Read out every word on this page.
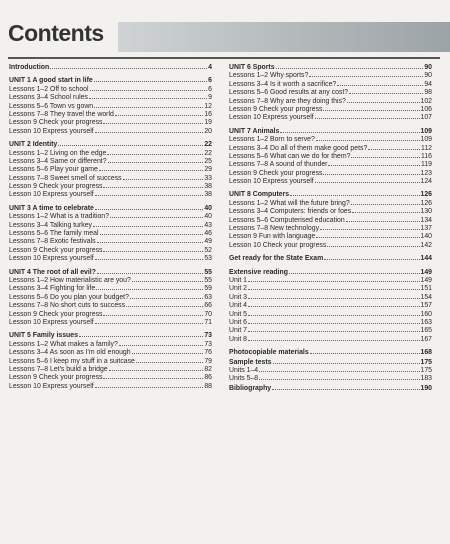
Contents
Introduction	4
UNIT 1 A good start in life	6
Lessons 1–2 Off to school	6
Lessons 3–4 School rules	9
Lessons 5–6 Town vs gown	12
Lessons 7–8 They travel the world	16
Lesson 9 Check your progress	19
Lesson 10 Express yourself	20
UNIT 2 Identity	22
Lessons 1–2 Living on the edge	22
Lessons 3–4 Same or different?	25
Lessons 5–6 Play your game	29
Lessons 7–8 Sweet smell of success	33
Lesson 9 Check your progress	38
Lesson 10 Express yourself	38
UNIT 3 A time to celebrate	40
Lessons 1–2 What is a tradition?	40
Lessons 3–4 Talking turkey	43
Lessons 5–6 The family meal	46
Lessons 7–8 Exotic festivals	49
Lesson 9 Check your progress	52
Lesson 10 Express yourself	53
UNIT 4 The root of all evil?	55
Lessons 1–2 How materialistic are you?	55
Lessons 3–4 Fighting for life	59
Lessons 5–6 Do you plan your budget?	63
Lessons 7–8 No short cuts to success	66
Lesson 9 Check your progress	70
Lesson 10 Express yourself	71
UNIT 5 Family issues	73
Lessons 1–2 What makes a family?	73
Lessons 3–4 As soon as I'm old enough	76
Lessons 5–6 I keep my stuff in a suitcase	79
Lessons 7–8 Let's build a bridge	82
Lesson 9 Check your progress	86
Lesson 10 Express yourself	88
UNIT 6 Sports	90
Lessons 1–2 Why sports?	90
Lessons 3–4 Is it worth a sacrifice?	94
Lessons 5–6 Good results at any cost?	98
Lessons 7–8 Why are they doing this?	102
Lesson 9 Check your progress	106
Lesson 10 Express yourself	107
UNIT 7 Animals	109
Lessons 1–2 Born to serve?	109
Lessons 3–4 Do all of them make good pets?	112
Lessons 5–6 What can we do for them?	116
Lessons 7–8 A sound of thunder	119
Lesson 9 Check your progress	123
Lesson 10 Express yourself	124
UNIT 8 Computers	126
Lessons 1–2 What will the future bring?	126
Lessons 3–4 Computers: friends or foes	130
Lessons 5–6 Computerised education	134
Lessons 7–8 New technology	137
Lesson 9 Fun with language	140
Lesson 10 Check your progress	142
Get ready for the State Exam	144
Extensive reading	149
Unit 1	149
Unit 2	151
Unit 3	154
Unit 4	157
Unit 5	160
Unit 6	163
Unit 7	165
Unit 8	167
Photocopiable materials	168
Sample tests	175
Units 1–4	175
Units 5–8	183
Bibliography	190
